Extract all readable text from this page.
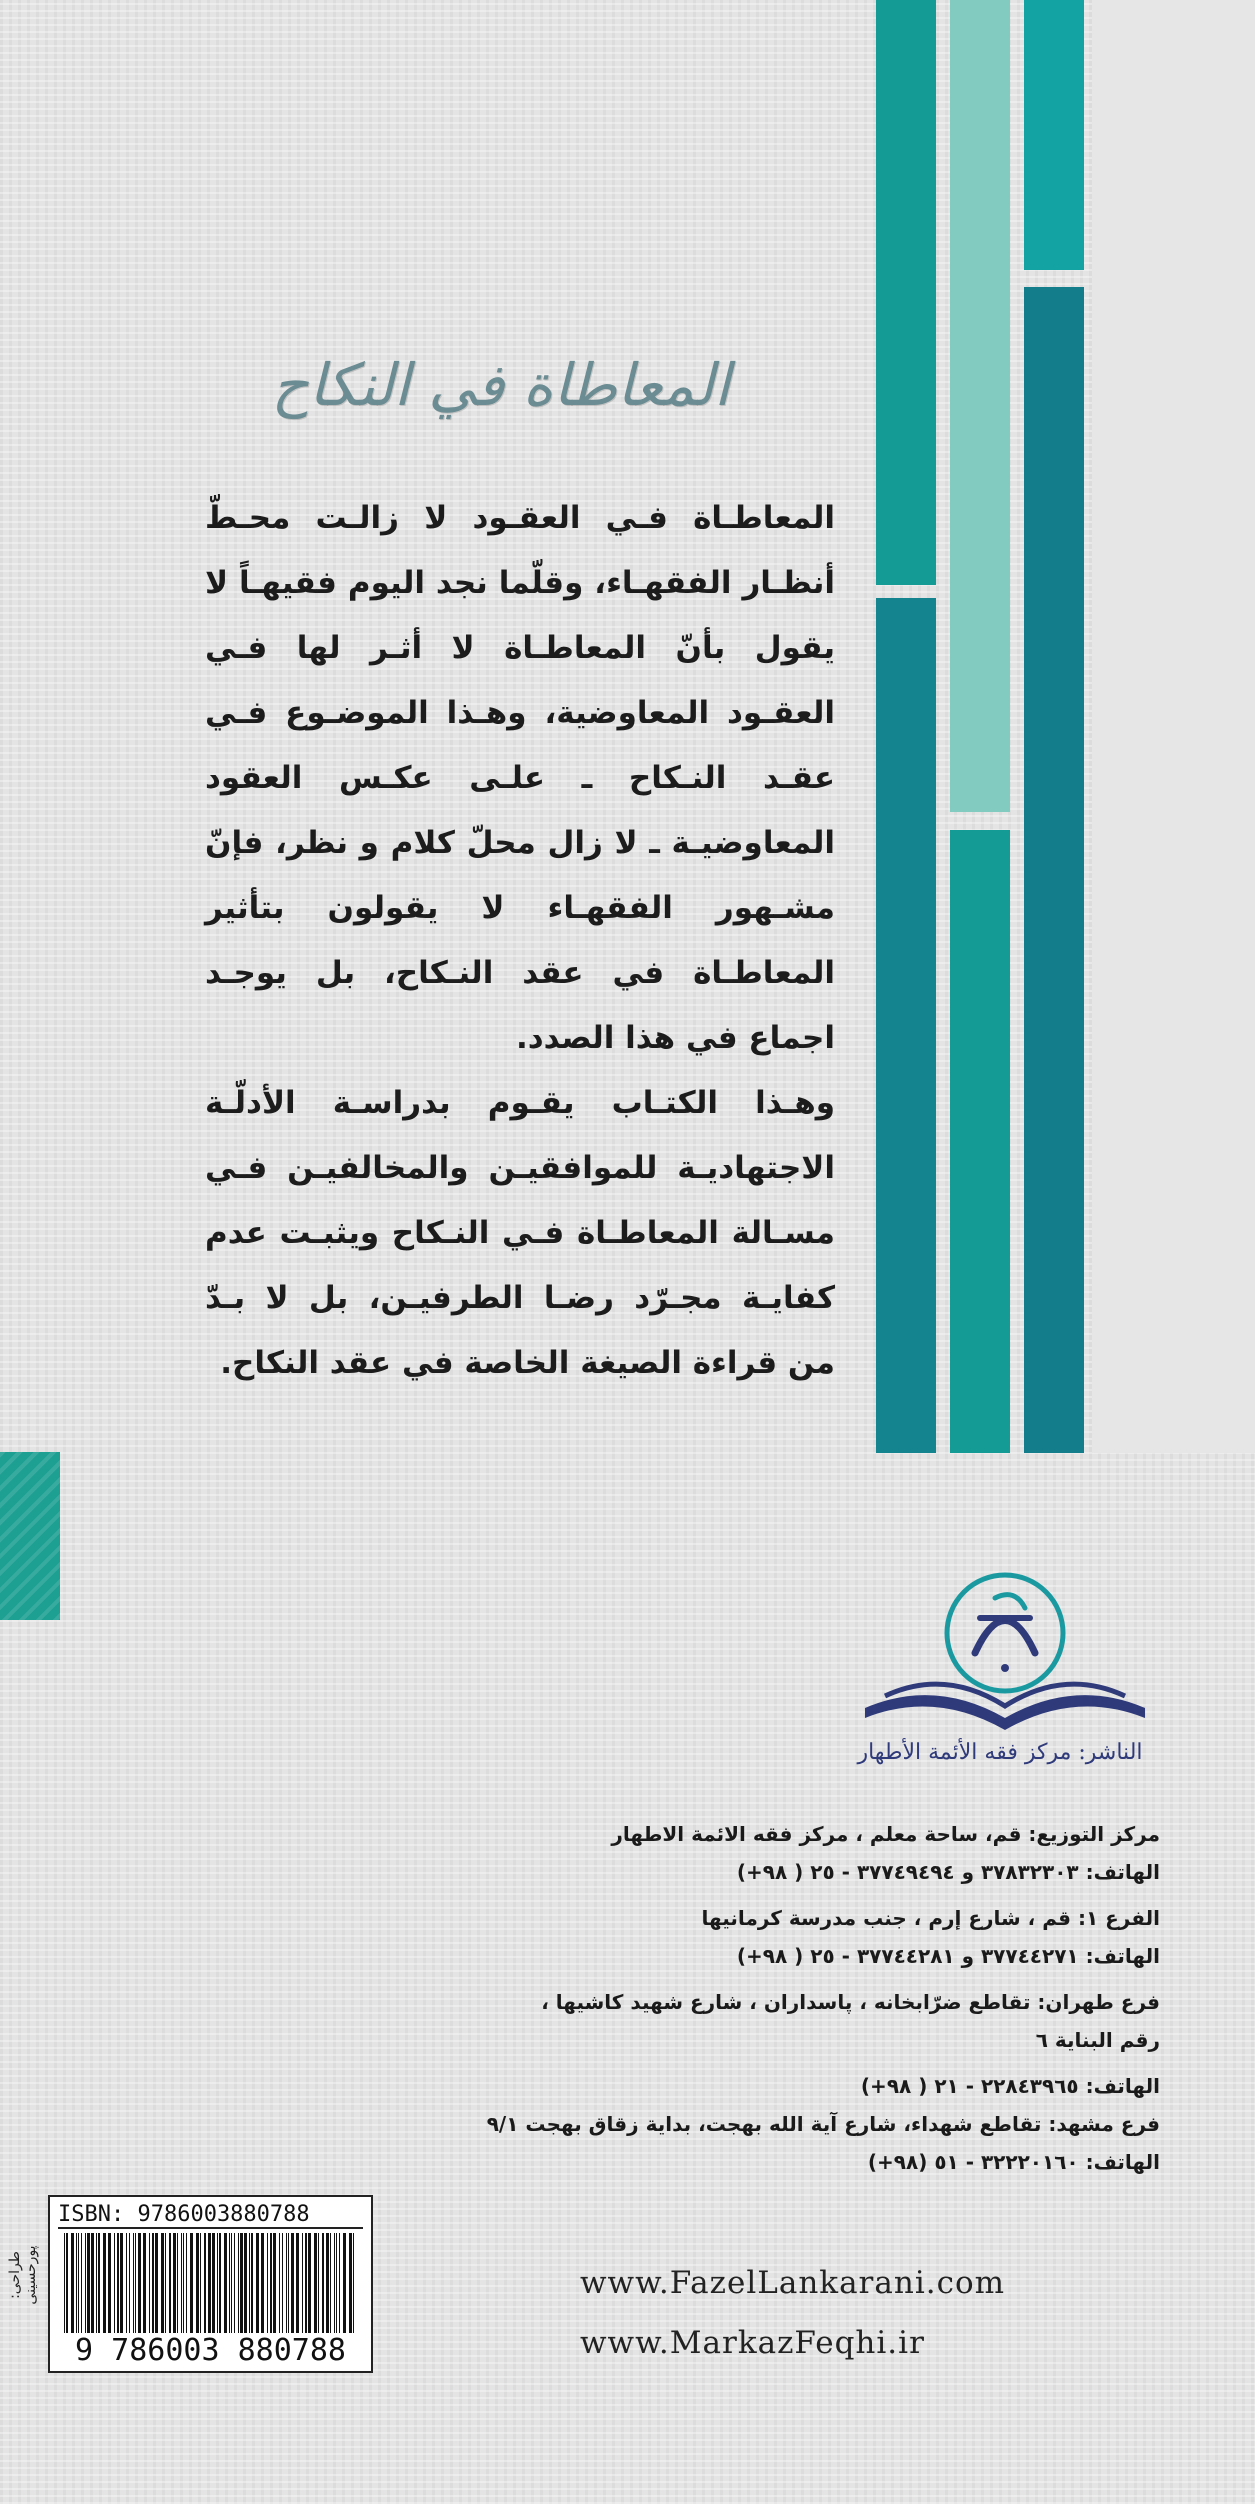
المعاطاة في النكاح

المعاطـاة فـي العقـود لا زالـت محـطّ أنظـار الفقهـاء، وقلّما نجد اليوم فقيهـاً لا يقول بأنّ المعاطـاة لا أثـر لها فـي العقـود المعاوضية، وهـذا الموضـوع فـي عقـد النـكاح ـ علـى عكـس العقود المعاوضيـة ـ لا زال محلّ كلام و نظر، فإنّ مشـهور الفقهـاء لا يقولون بتأثير المعاطـاة في عقد النـكاح، بل يوجـد اجماع في هذا الصدد.

وهـذا الكتـاب يقـوم بدراسـة الأدلّـة الاجتهاديـة للموافقيـن والمخالفيـن فـي مسـالة المعاطـاة فـي النـكاح ويثبـت عدم كفايـة مجـرّد رضـا الطرفيـن، بل لا بـدّ من قراءة الصيغة الخاصة في عقد النكاح.

الناشر: مركز فقه الأئمة الأطهار
مركز التوزيع: قم، ساحة معلم ، مركز فقه الائمة الاطهار
الهاتف: ٣٧٨٣٢٣٠٣ و ٣٧٧٤٩٤٩٤ - ٢٥ ( ٩٨+)
الفرع ١: قم ، شارع إرم ، جنب مدرسة كرمانيها
الهاتف: ٣٧٧٤٤٢٧١ و ٣٧٧٤٤٢٨١ - ٢٥ ( ٩٨+)
فرع طهران: تقاطع ضرّابخانه ، پاسداران ، شارع شهيد كاشيها ،
رقم البناية ٦
الهاتف: ٢٢٨٤٣٩٦٥ - ٢١ ( ٩٨+)
فرع مشهد: تقاطع شهداء، شارع آية الله بهجت، بداية زقاق بهجت ٩/١
الهاتف: ٣٢٢٢٠١٦٠ - ٥١ (٩٨+)
www.FazelLankarani.com
www.MarkazFeqhi.ir
ISBN: 9786003880788
9 786003 880788
طراحی: پورحسینی
